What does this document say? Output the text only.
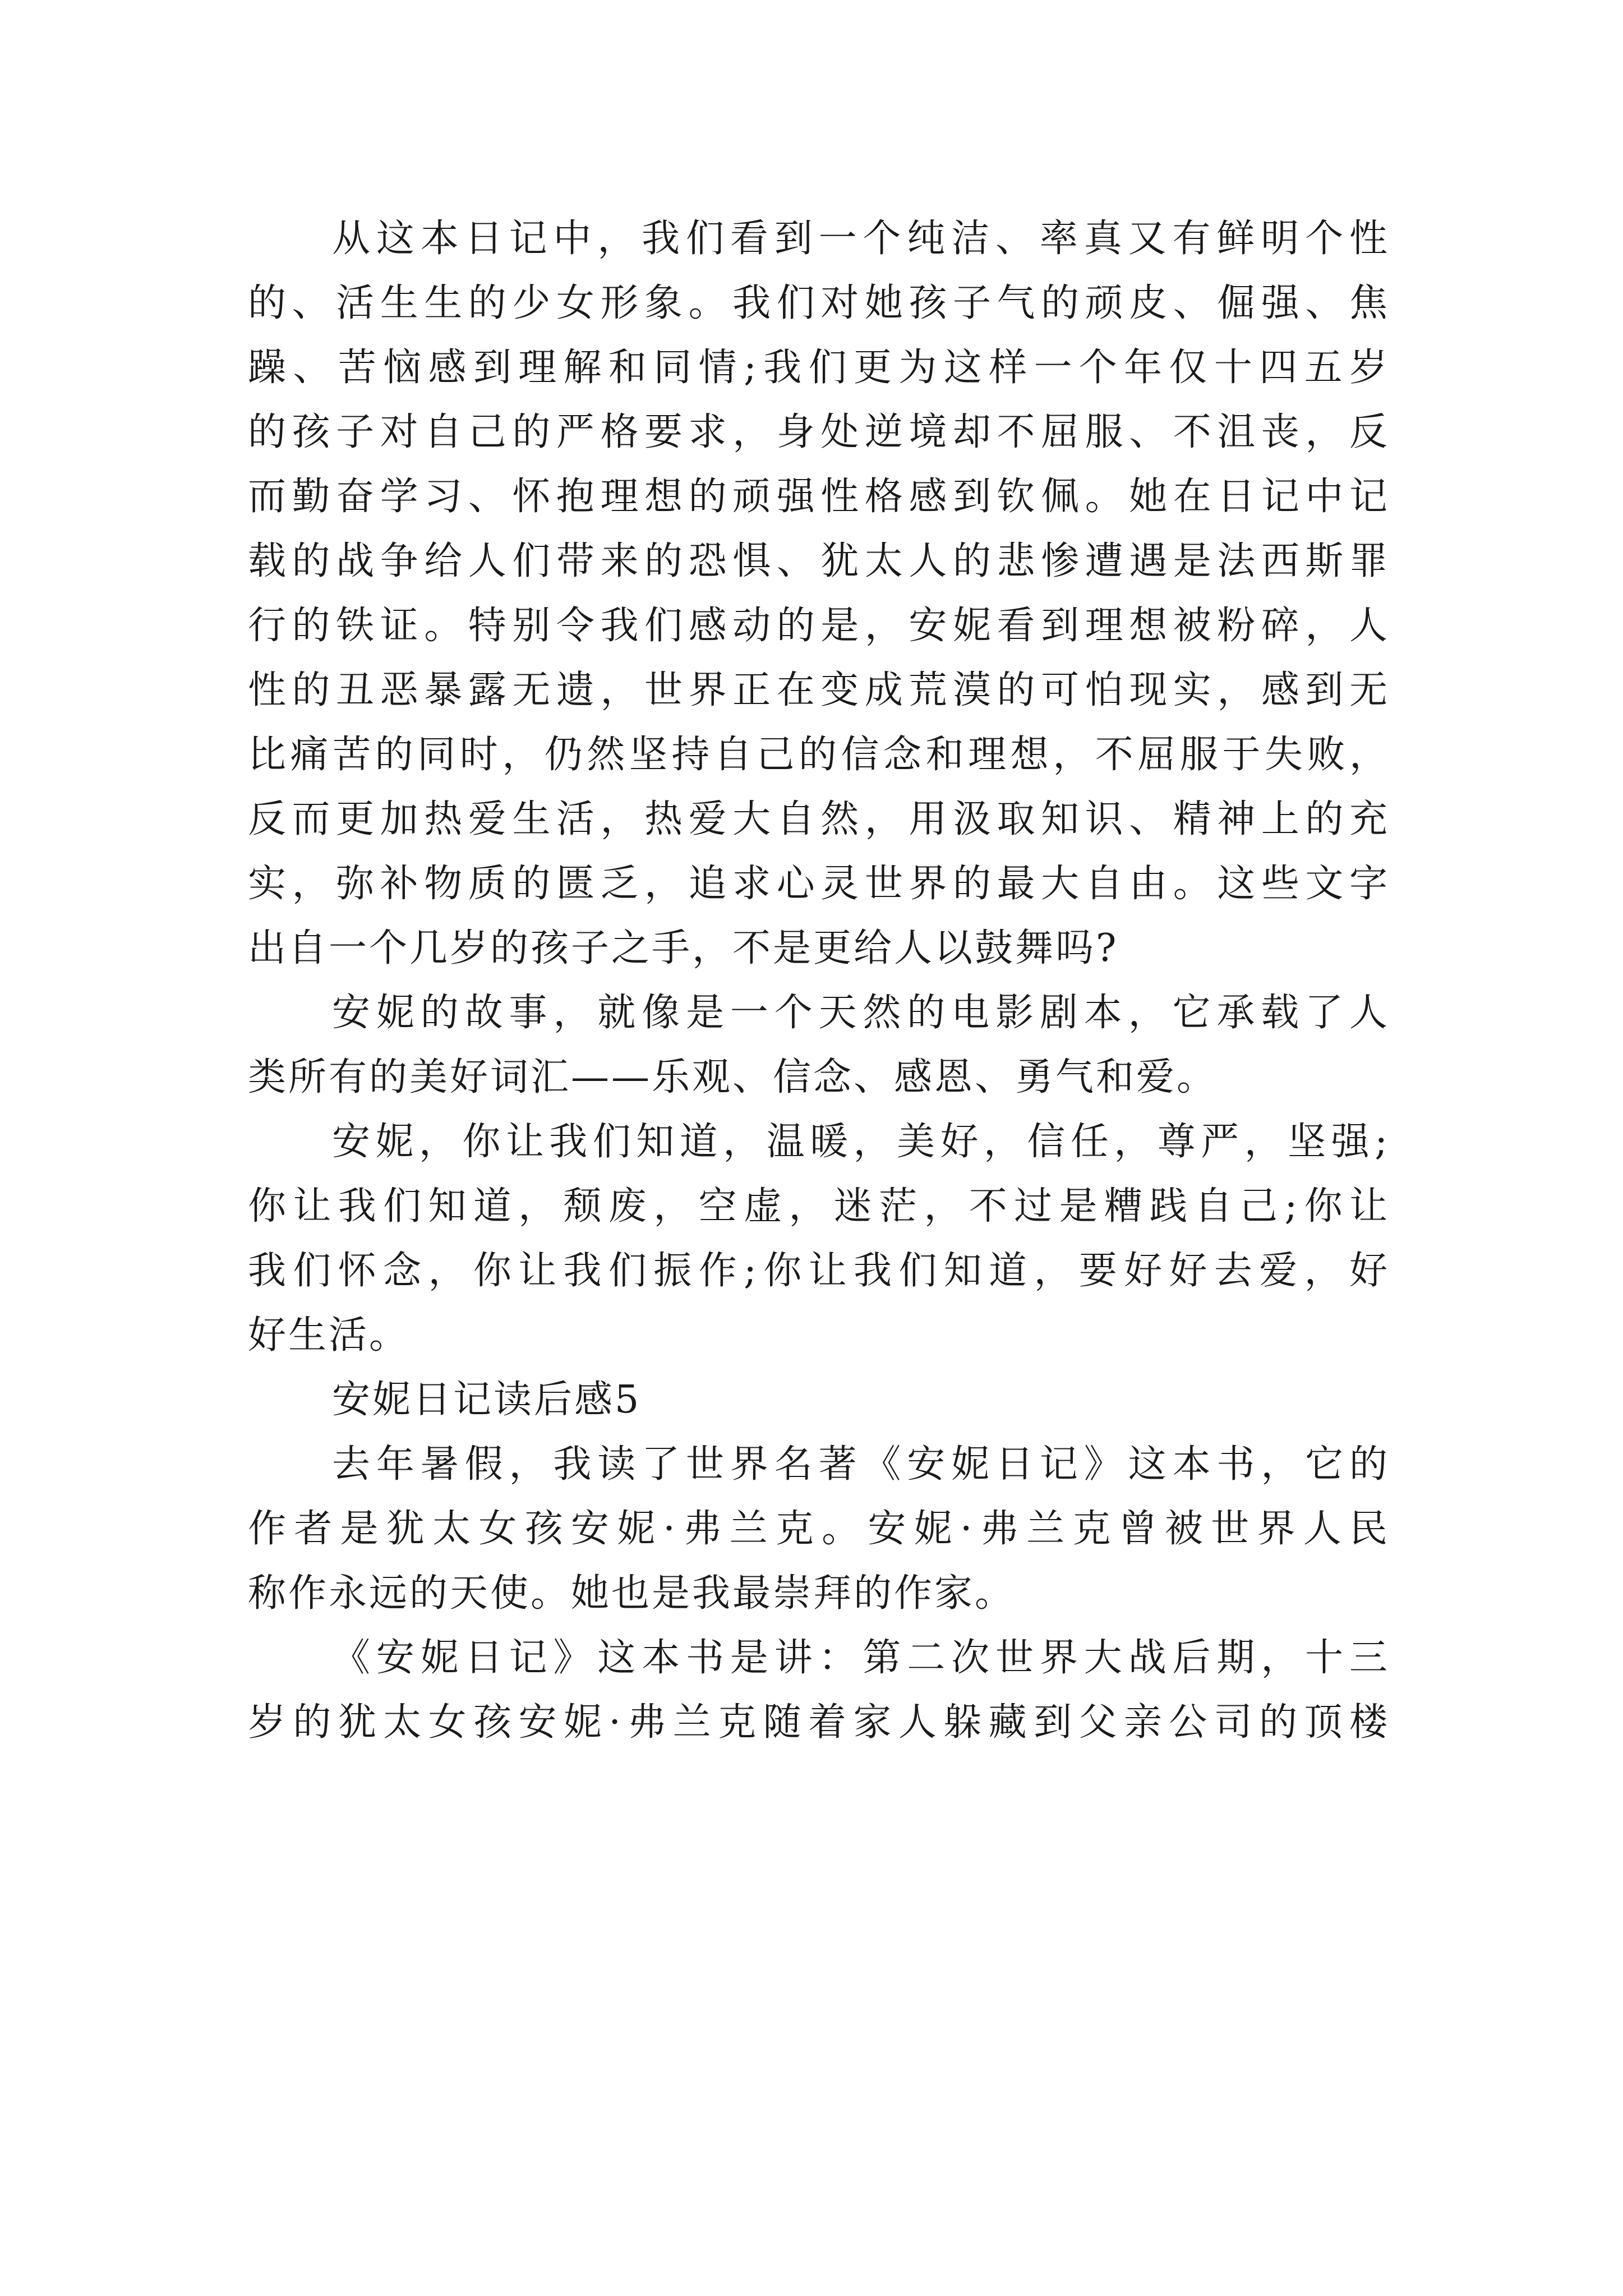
从这本日记中，我们看到一个纯洁、率真又有鲜明个性
的、活生生的少女形象。我们对她孩子气的顽皮、倔强、焦
躁、苦恼感到理解和同情;我们更为这样一个年仅十四五岁
的孩子对自己的严格要求，身处逆境却不屈服、不沮丧，反
而勤奋学习、怀抱理想的顽强性格感到钦佩。她在日记中记
载的战争给人们带来的恐惧、犹太人的悲惨遭遇是法西斯罪
行的铁证。特别令我们感动的是，安妮看到理想被粉碎，人
性的丑恶暴露无遗，世界正在变成荒漠的可怕现实，感到无
比痛苦的同时，仍然坚持自己的信念和理想，不屈服于失败，
反而更加热爱生活，热爱大自然，用汲取知识、精神上的充
实，弥补物质的匮乏，追求心灵世界的最大自由。这些文字
出自一个几岁的孩子之手，不是更给人以鼓舞吗?
安妮的故事，就像是一个天然的电影剧本，它承载了人
类所有的美好词汇——乐观、信念、感恩、勇气和爱。
安妮，你让我们知道，温暖，美好，信任，尊严，坚强;
你让我们知道，颓废，空虚，迷茫，不过是糟践自己;你让
我们怀念，你让我们振作;你让我们知道，要好好去爱，好
好生活。
安妮日记读后感5
去年暑假，我读了世界名著《安妮日记》这本书，它的
作者是犹太女孩安妮·弗兰克。安妮·弗兰克曾被世界人民
称作永远的天使。她也是我最崇拜的作家。
《安妮日记》这本书是讲：第二次世界大战后期，十三
岁的犹太女孩安妮·弗兰克随着家人躲藏到父亲公司的顶楼
